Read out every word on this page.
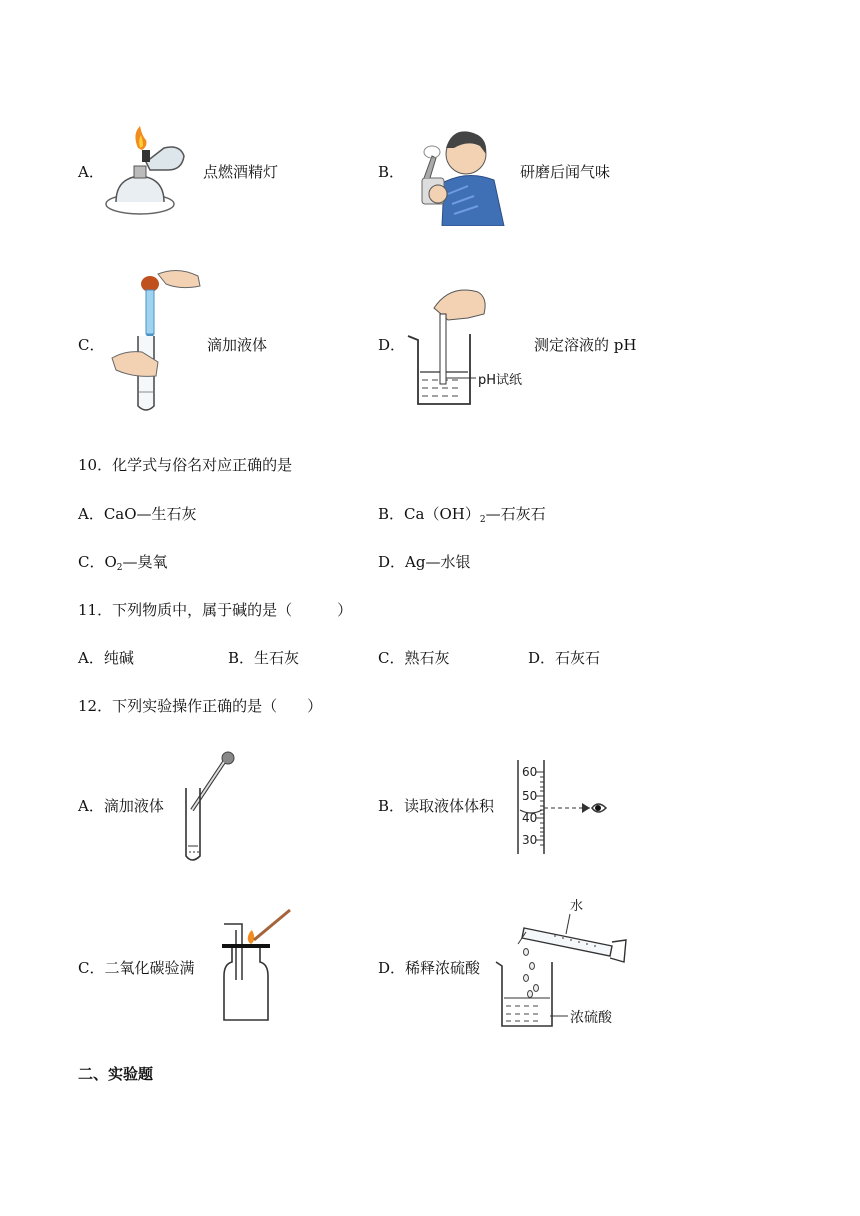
A．	点燃酒精灯	B．	研磨后闻气味
C．	滴加液体	D．
pH试纸
测定溶液的 pH
10．化学式与俗名对应正确的是
A．CaO—生石灰	B．$Ca(OH)_2—$石灰石
C．$O_2—$臭氧	D．Ag—水银
11．下列物质中，属于碱的是（　　　）
A．纯碱	B．生石灰	C．熟石灰	D．石灰石
12．下列实验操作正确的是（　　）
A．滴加液体	B．读取液体体积
60
50
40
30
C．二氧化碳验满	D．稀释浓硫酸
水
浓硫酸
二、实验题
